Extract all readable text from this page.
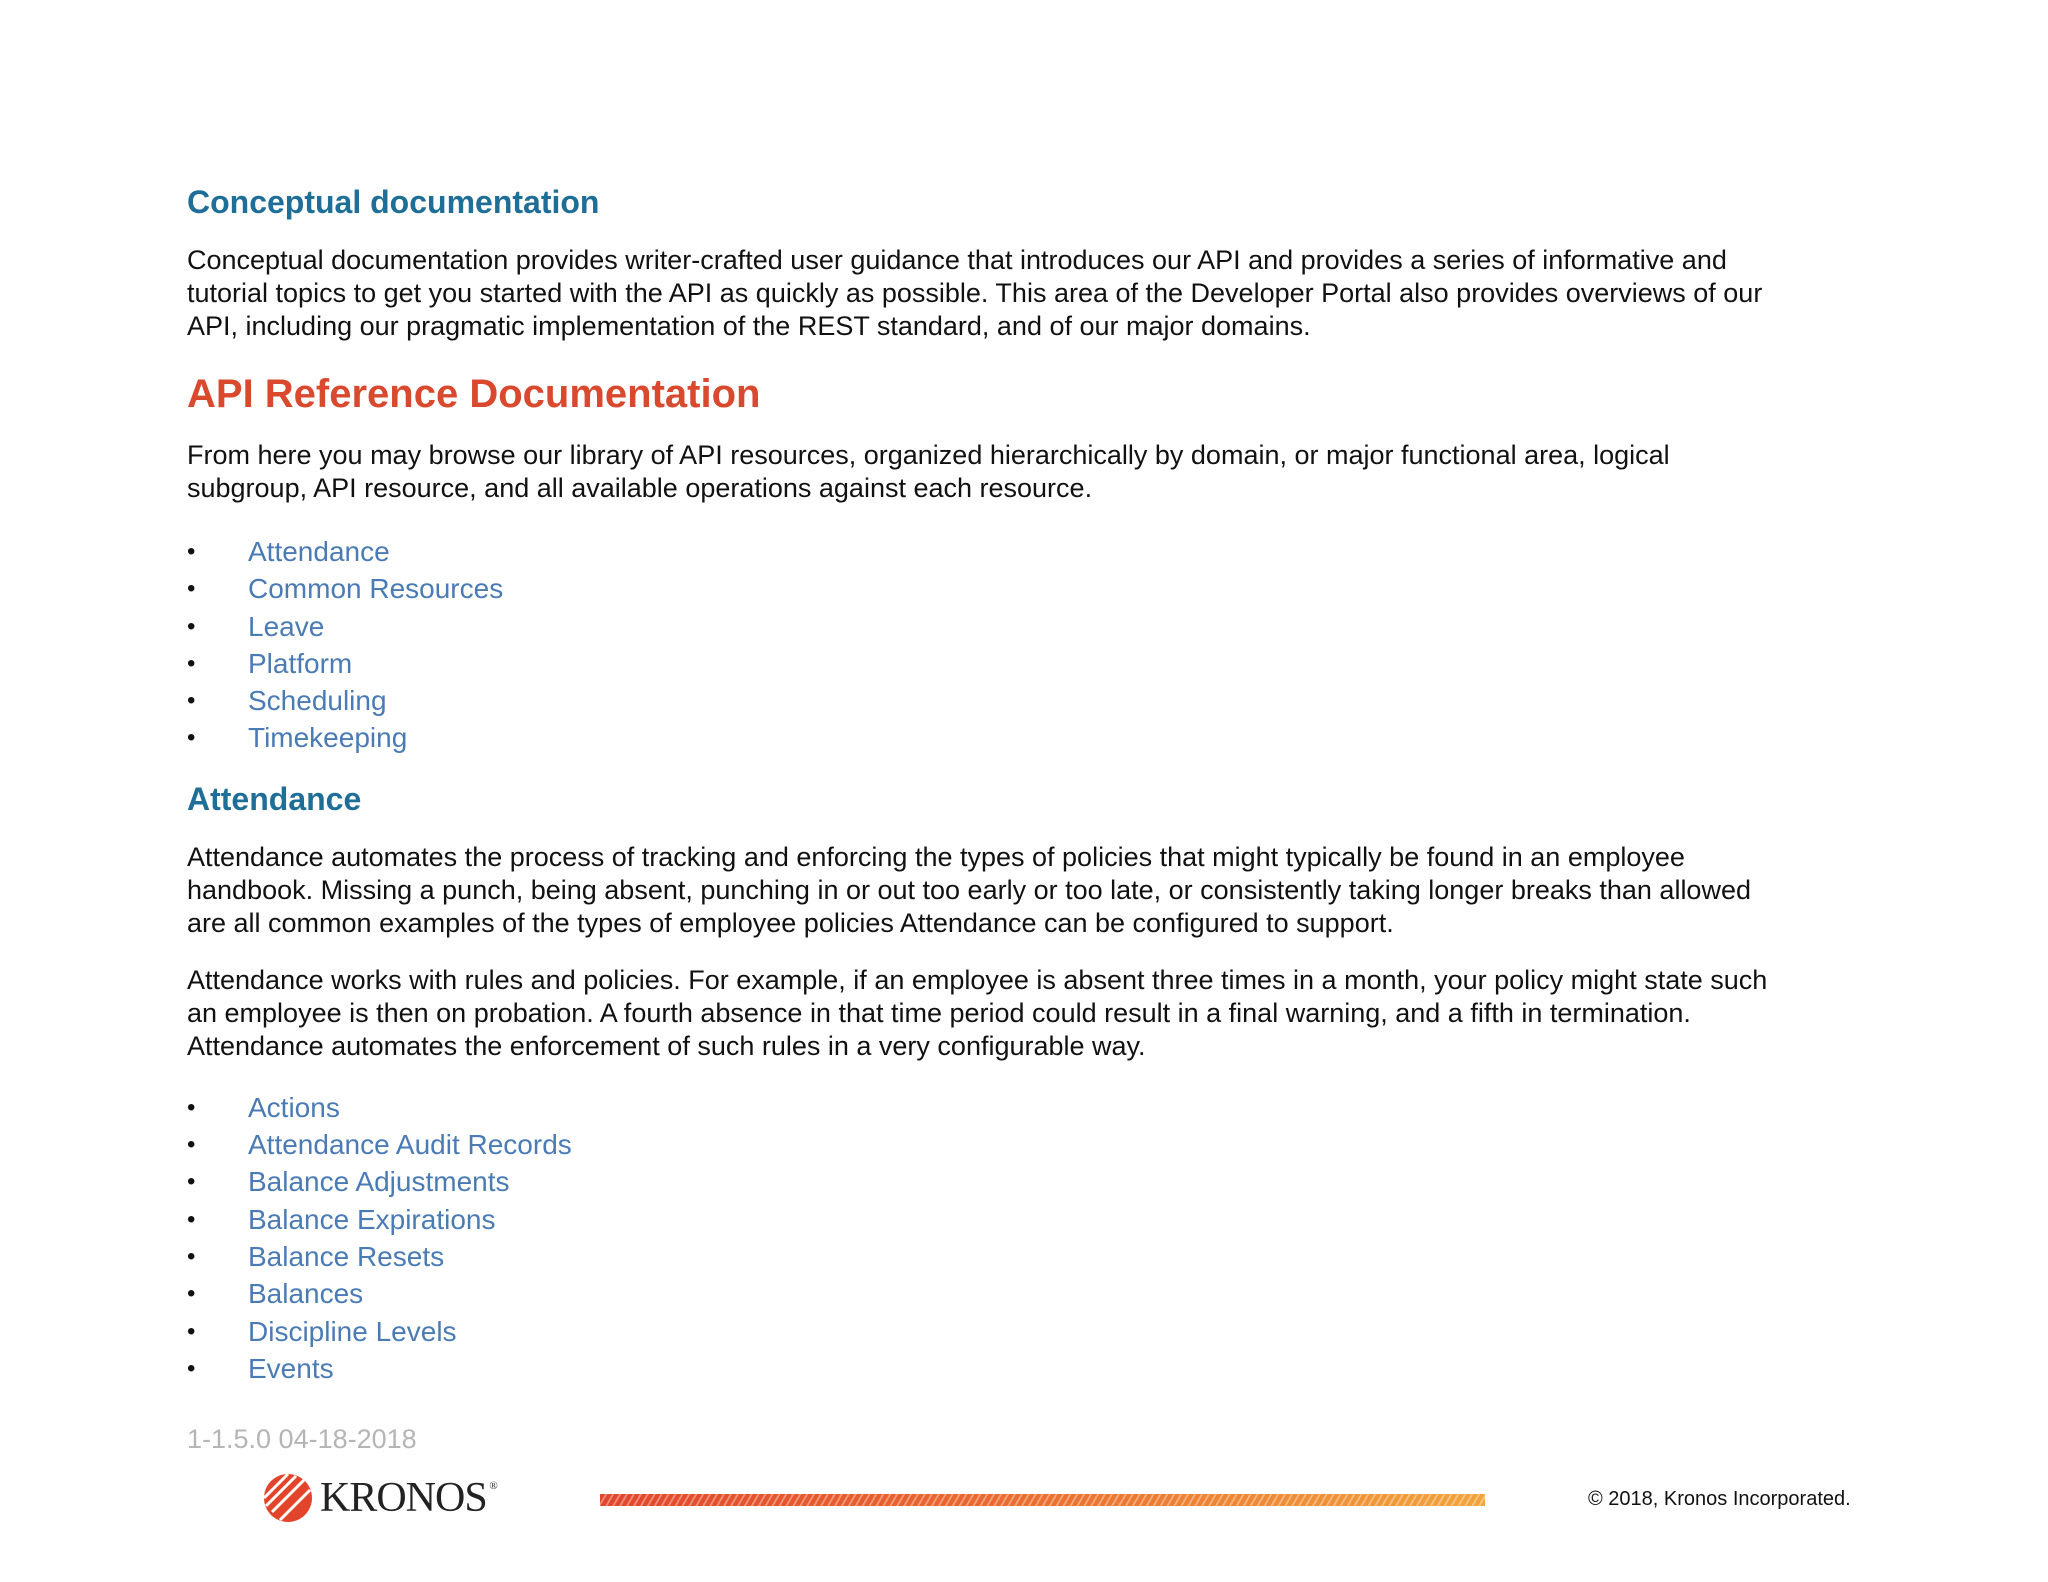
Conceptual documentation

Conceptual documentation provides writer-crafted user guidance that introduces our API and provides a series of informative and
tutorial topics to get you started with the API as quickly as possible. This area of the Developer Portal also provides overviews of our
API, including our pragmatic implementation of the REST standard, and of our major domains.

API Reference Documentation

From here you may browse our library of API resources, organized hierarchically by domain, or major functional area, logical
subgroup, API resource, and all available operations against each resource.

• Attendance
• Common Resources
• Leave
• Platform
• Scheduling
• Timekeeping
Attendance

Attendance automates the process of tracking and enforcing the types of policies that might typically be found in an employee
handbook. Missing a punch, being absent, punching in or out too early or too late, or consistently taking longer breaks than allowed
are all common examples of the types of employee policies Attendance can be configured to support.

Attendance works with rules and policies. For example, if an employee is absent three times in a month, your policy might state such
an employee is then on probation. A fourth absence in that time period could result in a final warning, and a fifth in termination.
Attendance automates the enforcement of such rules in a very configurable way.

• Actions
• Attendance Audit Records
• Balance Adjustments
• Balance Expirations
• Balance Resets
• Balances
• Discipline Levels
• Events
1-1.5.0 04-18-2018
KRONOS ®
© 2018, Kronos Incorporated.
